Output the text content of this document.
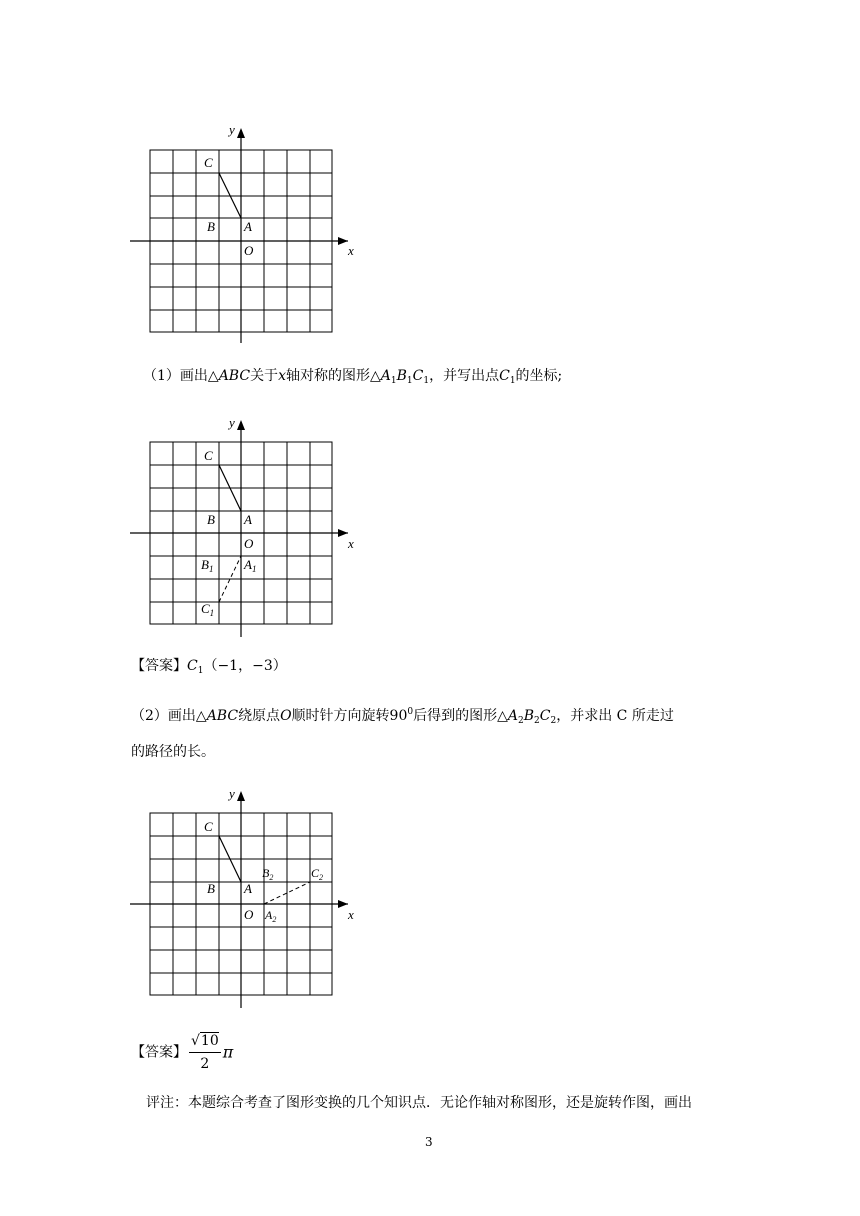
y
x
C
B A
O
（1）画出△ABC关于x轴对称的图形$\triangle A_1B_1C_1$，并写出点$C_1$的坐标;
y
x
C
B A
O
$B_1$ $A_1$
$C_1$
【答案】$C_1(-1$，−3）
（2）画出△ABC绕原点O顺时针方向旋转$90^0$后得到的图形$\triangle A_2B_2C_2$，并求出 C 所走过
的路径的长。
y
x
C
B A
O
$B_2$	$C_2$
$A_2$
【答案】 $\frac{√10}{2}$ π
评注：本题综合考查了图形变换的几个知识点．无论作轴对称图形，还是旋转作图，画出
3
